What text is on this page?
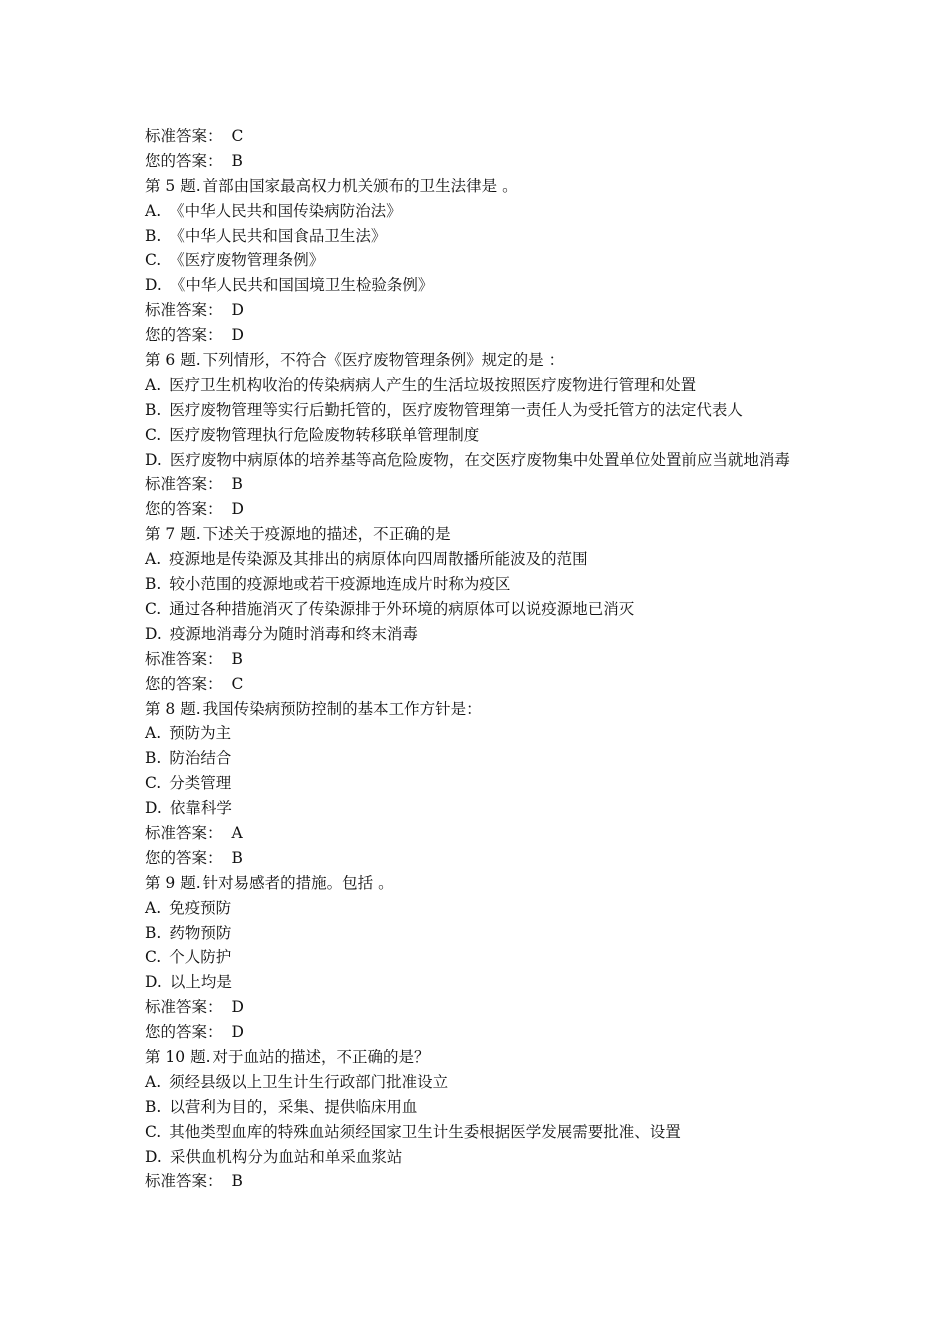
标准答案： C
您的答案： B
第 5 题. 首部由国家最高权力机关颁布的卫生法律是 。
A. 《中华人民共和国传染病防治法》
B. 《中华人民共和国食品卫生法》
C. 《医疗废物管理条例》
D. 《中华人民共和国国境卫生检验条例》
标准答案： D
您的答案： D
第 6 题. 下列情形，不符合《医疗废物管理条例》规定的是 ：
A. 医疗卫生机构收治的传染病病人产生的生活垃圾按照医疗废物进行管理和处置
B. 医疗废物管理等实行后勤托管的，医疗废物管理第一责任人为受托管方的法定代表人
C. 医疗废物管理执行危险废物转移联单管理制度
D. 医疗废物中病原体的培养基等高危险废物，在交医疗废物集中处置单位处置前应当就地消毒
标准答案： B
您的答案： D
第 7 题. 下述关于疫源地的描述，不正确的是
A. 疫源地是传染源及其排出的病原体向四周散播所能波及的范围
B. 较小范围的疫源地或若干疫源地连成片时称为疫区
C. 通过各种措施消灭了传染源排于外环境的病原体可以说疫源地已消灭
D. 疫源地消毒分为随时消毒和终末消毒
标准答案： B
您的答案： C
第 8 题. 我国传染病预防控制的基本工作方针是：
A. 预防为主
B. 防治结合
C. 分类管理
D. 依靠科学
标准答案： A
您的答案： B
第 9 题. 针对易感者的措施。包括 。
A. 免疫预防
B. 药物预防
C. 个人防护
D. 以上均是
标准答案： D
您的答案： D
第 10 题. 对于血站的描述，不正确的是？
A. 须经县级以上卫生计生行政部门批准设立
B. 以营利为目的，采集、提供临床用血
C. 其他类型血库的特殊血站须经国家卫生计生委根据医学发展需要批准、设置
D. 采供血机构分为血站和单采血浆站
标准答案： B
